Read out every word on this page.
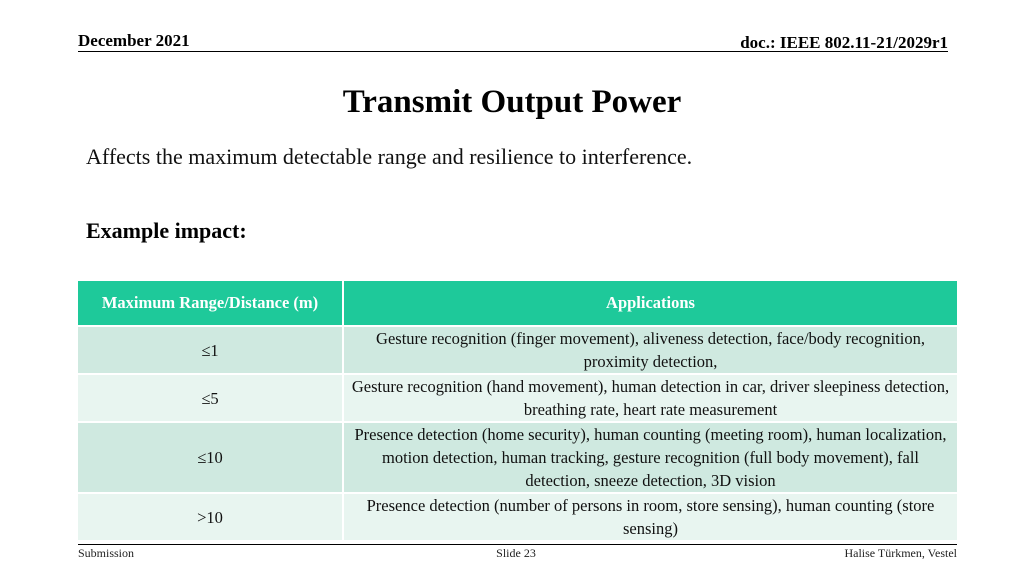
December 2021	doc.: IEEE 802.11-21/2029r1
Transmit Output Power
Affects the maximum detectable range and resilience to interference.
Example impact:
Maximum Range/Distance (m)	Applications
≤1	Gesture recognition (finger movement), aliveness detection, face/body recognition, proximity detection,
≤5	Gesture recognition (hand movement), human detection in car, driver sleepiness detection, breathing rate, heart rate measurement
≤10	Presence detection (home security), human counting (meeting room), human localization, motion detection, human tracking, gesture recognition (full body movement), fall detection, sneeze detection, 3D vision
>10	Presence detection (number of persons in room, store sensing), human counting (store sensing)
Submission	Slide 23	Halise Türkmen, Vestel
